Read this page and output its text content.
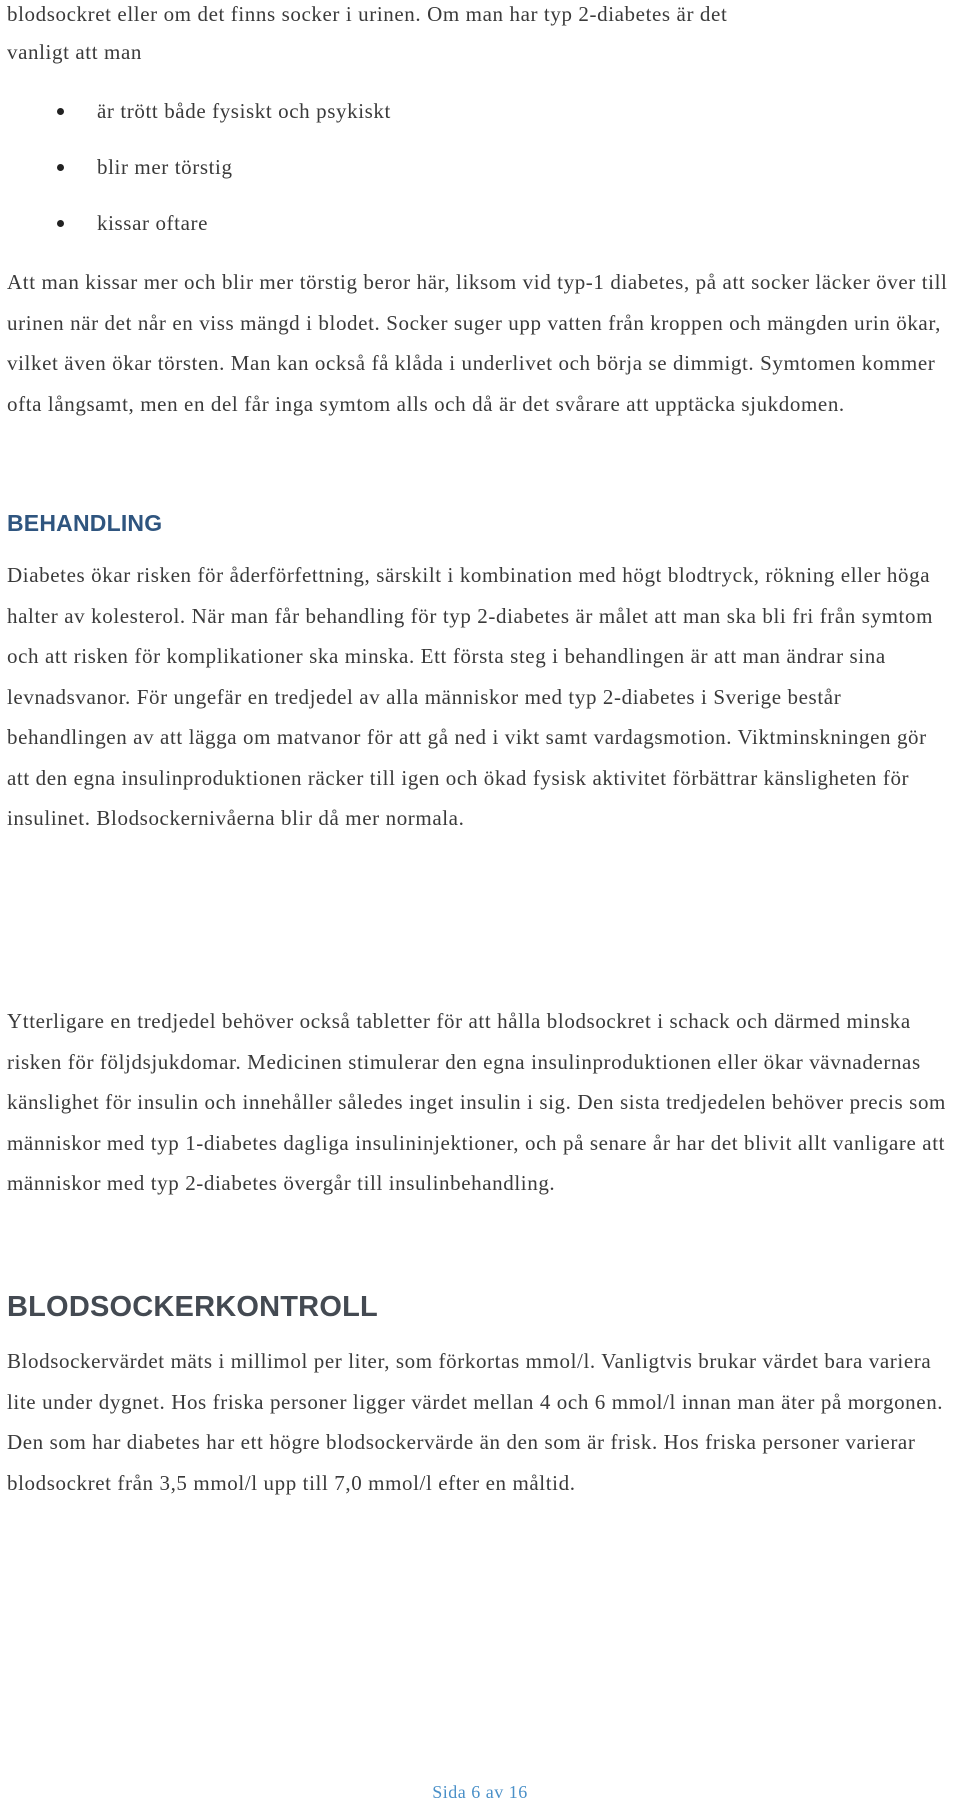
blodsockret eller om det finns socker i urinen. Om man har typ 2-diabetes är det

vanligt att man

är trött både fysiskt och psykiskt
blir mer törstig
kissar oftare

Att man kissar mer och blir mer törstig beror här, liksom vid typ-1 diabetes, på att socker läcker över till urinen när det når en viss mängd i blodet. Socker suger upp vatten från kroppen och mängden urin ökar, vilket även ökar törsten. Man kan också få klåda i underlivet och börja se dimmigt. Symtomen kommer ofta långsamt, men en del får inga symtom alls och då är det svårare att upptäcka sjukdomen.

BEHANDLING

Diabetes ökar risken för åderförfettning, särskilt i kombination med högt blodtryck, rökning eller höga halter av kolesterol. När man får behandling för typ 2-diabetes är målet att man ska bli fri från symtom och att risken för komplikationer ska minska. Ett första steg i behandlingen är att man ändrar sina levnadsvanor. För ungefär en tredjedel av alla människor med typ 2-diabetes i Sverige består behandlingen av att lägga om matvanor för att gå ned i vikt samt vardagsmotion. Viktminskningen gör att den egna insulinproduktionen räcker till igen och ökad fysisk aktivitet förbättrar känsligheten för insulinet. Blodsockernivåerna blir då mer normala.

Ytterligare en tredjedel behöver också tabletter för att hålla blodsockret i schack och därmed minska risken för följdsjukdomar. Medicinen stimulerar den egna insulinproduktionen eller ökar vävnadernas känslighet för insulin och innehåller således inget insulin i sig. Den sista tredjedelen behöver precis som människor med typ 1-diabetes dagliga insulininjektioner, och på senare år har det blivit allt vanligare att människor med typ 2-diabetes övergår till insulinbehandling.

BLODSOCKERKONTROLL

Blodsockervärdet mäts i millimol per liter, som förkortas mmol/l. Vanligtvis brukar värdet bara variera lite under dygnet. Hos friska personer ligger värdet mellan 4 och 6 mmol/l innan man äter på morgonen. Den som har diabetes har ett högre blodsockervärde än den som är frisk. Hos friska personer varierar blodsockret från 3,5 mmol/l upp till 7,0 mmol/l efter en måltid.

Sida 6 av 16
